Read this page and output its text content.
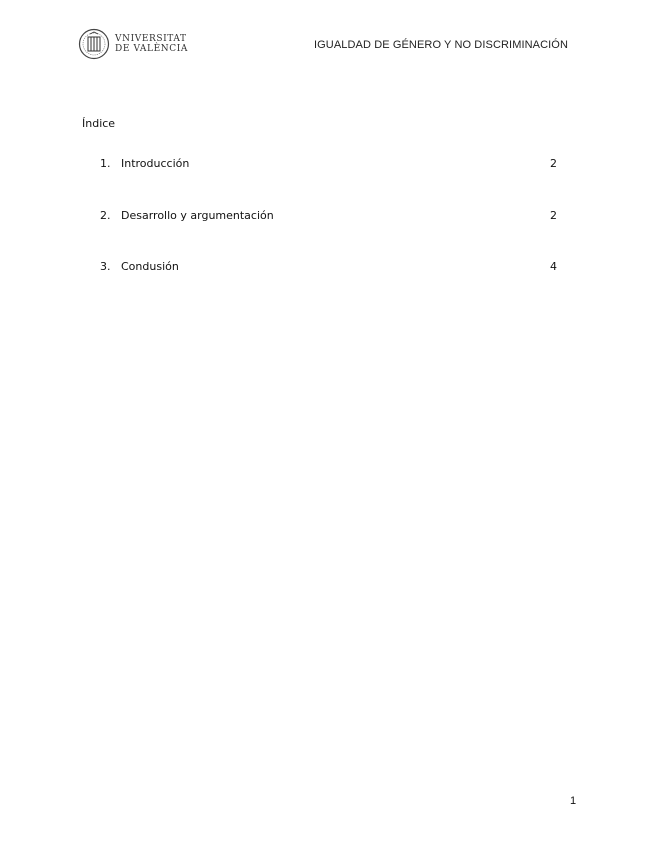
VNIVERSITAT
DE VALÈNCIA	IGUALDAD DE GÉNERO Y NO DISCRIMINACIÓN
Índice
1. Introducción	2
2. Desarrollo y argumentación	2
3. Condusión	4
1
